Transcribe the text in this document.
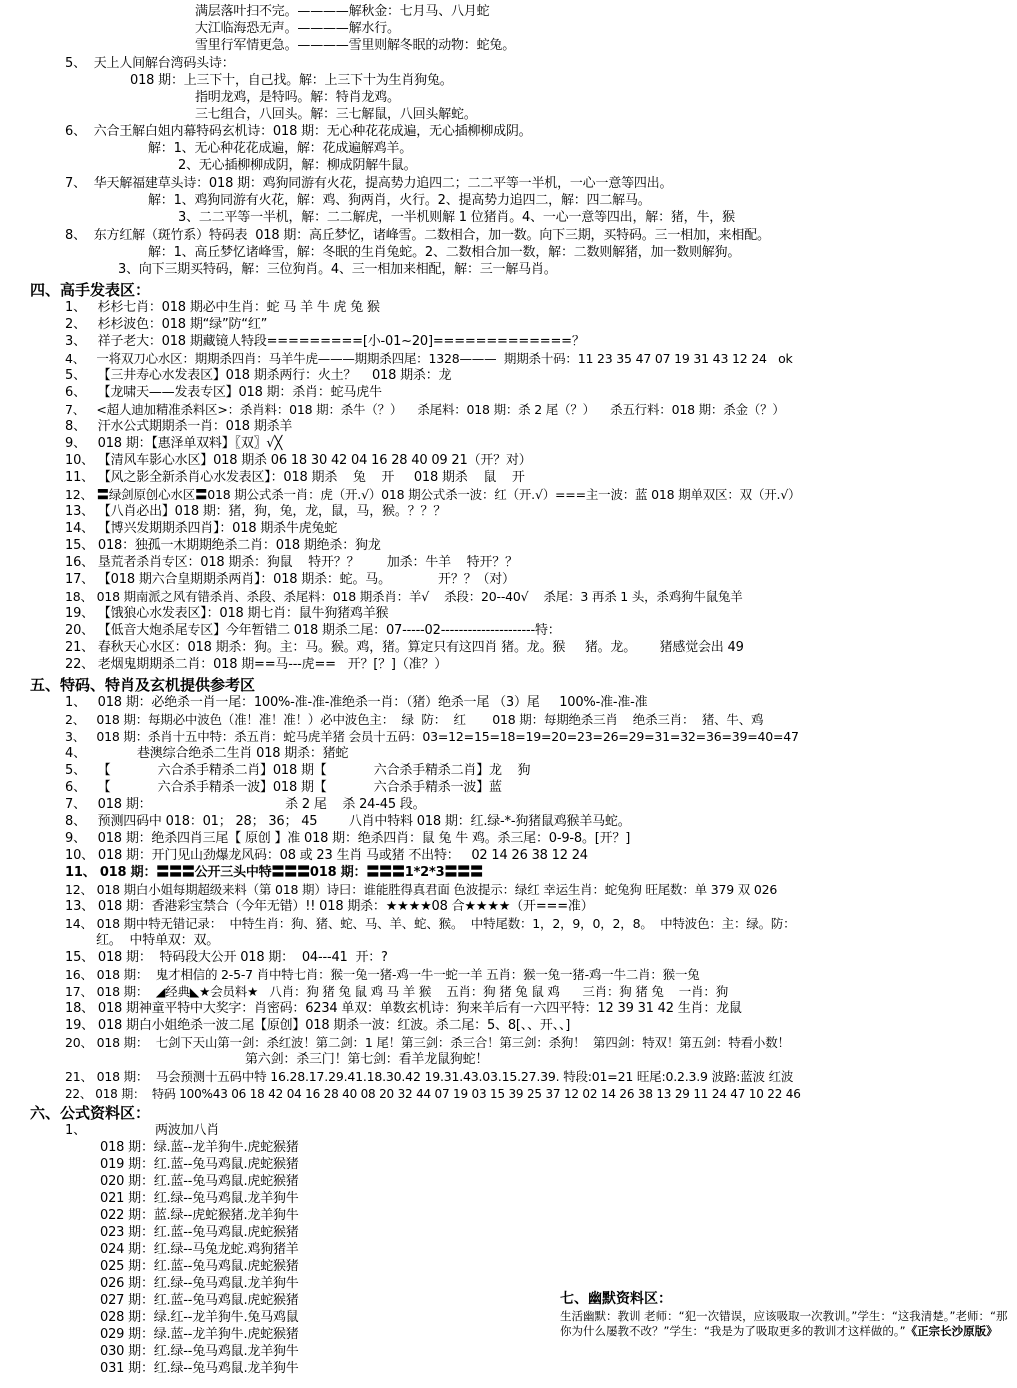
满层落叶扫不完。————解秋金：七月马、八月蛇
大江临海恐无声。————解水行。
雪里行军情更急。————雪里则解冬眠的动物：蛇兔。
5、  天上人间解台湾码头诗：
018 期：上三下十，自己找。解：上三下十为生肖狗兔。
指明龙鸡，是特吗。解：特肖龙鸡。
三七组合，八回头。解：三七解鼠，八回头解蛇。
6、  六合王解白姐内幕特码玄机诗：018 期：无心种花花成遍，无心插柳柳成阴。
解：1、无心种花花成遍，解：花成遍解鸡羊。
2、无心插柳柳成阴，解：柳成阴解牛鼠。
7、  华天解福建草头诗：018 期：鸡狗同游有火花，提高势力追四二；二二平等一半机，一心一意等四出。
解：1、鸡狗同游有火花，解：鸡、狗两肖，火行。2、提高势力追四二，解：四二解马。
3、二二平等一半机，解：二二解虎，一半机则解 1 位猪肖。4、一心一意等四出，解：猪，牛，猴
8、  东方红解（斑竹系）特码表  018 期：高丘梦忆，诸峰雪。二数相合，加一数。向下三期，买特码。三一相加，来相配。
解：1、高丘梦忆诸峰雪，解：冬眠的生肖兔蛇。2、二数相合加一数，解：二数则解猪，加一数则解狗。
3、向下三期买特码，解：三位狗肖。4、三一相加来相配，解：三一解马肖。
四、高手发表区：
1、   杉杉七肖：018 期必中生肖：蛇 马 羊 牛 虎 兔 猴
2、   杉杉波色：018 期“绿”防“红”
3、   祥子老大：018 期藏镜人特段=========[小-01~20]=============？
4、   一将双刀心水区：期期杀四肖：马羊牛虎———期期杀四尾：1328———  期期杀十码：11 23 35 47 07 19 31 43 12 24   ok
5、   【三井寿心水发表区】018 期杀两行：火土？    018 期杀：龙
6、   【龙啸天——发表专区】018 期：杀肖：蛇马虎牛
7、   <超人迪加精准杀料区>：杀肖料：018 期：杀牛（？）    杀尾料：018 期：杀 2 尾（？）    杀五行料：018 期：杀金（？）
8、   汗水公式期期杀一肖：018 期杀羊
9、   018 期：【惠泽单双料】〖双〗√╳
10、 【清风车影心水区】018 期杀 06 18 30 42 04 16 28 40 09 21（开？对）
11、 【风之影全新杀肖心水发表区】：018 期杀    兔    开     018 期杀    鼠    开
12、 〓绿剑原创心水区〓018 期公式杀一肖：虎（开.√）018 期公式杀一波：红（开.√）===主一波：蓝 018 期单双区：双（开.√）
13、 【八肖必出】018 期：猪，狗，兔，龙，鼠，马，猴。？？？
14、 【博兴发期期杀四肖】：018 期杀牛虎兔蛇
15、 018：独孤一木期期绝杀二肖：018 期绝杀：狗龙
16、 垦荒者杀肖专区：018 期杀：狗鼠    特开？？       加杀：牛羊    特开？？
17、 【018 期六合皇期期杀两肖】：018 期杀：蛇。马。            开？？（对）
18、 018 期南派之风有错杀肖、杀段、杀尾料：018 期杀肖：羊√    杀段：20--40√    杀尾：3 再杀 1 头，杀鸡狗牛鼠兔羊
19、 【饿狼心水发表区】：018 期七肖：鼠牛狗猪鸡羊猴
20、 【低音大炮杀尾专区】今年暂错二 018 期杀二尾：07-----02---------------------特：
21、 春秋天心水区：018 期杀：狗。主：马。猴。鸡，猪。算定只有这四肖 猪。龙。猴     猪。龙。      猪感觉会出 49
22、 老烟鬼期期杀二肖：018 期==马---虎==   开？[？]（准？）
五、特码、特肖及玄机提供参考区
1、   018 期：必绝杀一肖一尾：100%-准-准-准绝杀一肖：（猪）绝杀一尾 （3）尾     100%-准-准-准
2、   018 期：每期必中波色（准！准！准！）必中波色主：  绿  防：  红       018 期：每期绝杀三肖    绝杀三肖：  猪、牛、鸡
3、   018 期：杀肖十五中特：杀五肖：蛇马虎羊猪 会员十五码：03=12=15=18=19=20=23=26=29=31=32=36=39=40=47
4、             巷澳综合绝杀二生肖 018 期杀：猪蛇
5、   【            六合杀手精杀二肖】018 期【            六合杀手精杀二肖】龙    狗
6、   【            六合杀手精杀一波】018 期【            六合杀手精杀一波】蓝
7、   018 期：                                  杀 2 尾    杀 24-45 段。
8、   预测四码中 018：01； 28； 36； 45        八肖中特料 018 期：红.绿-*-狗猪鼠鸡猴羊马蛇。
9、   018 期：绝杀四肖三尾【 原创 】准 018 期：绝杀四肖：鼠 兔 牛 鸡。杀三尾：0-9-8。[开？]
10、 018 期：开门见山劲爆龙风码：08 或 23 生肖 马或猪 不出特：   02 14 26 38 12 24
11、 018 期：〓〓〓公开三头中特〓〓〓018 期：〓〓〓1*2*3〓〓〓
12、 018 期白小姐每期超级来料（第 018 期）诗曰：谁能胜得真君面 色波提示：绿红 幸运生肖：蛇兔狗 旺尾数：单 379 双 026
13、 018 期：香港彩宝禁合（今年无错）!! 018 期杀：★★★★08 合★★★★（开===准）
14、 018 期中特无错记录：  中特生肖：狗、猪、蛇、马、羊、蛇、猴。  中特尾数：1，2，9，0，2，8。  中特波色：主：绿。防：
红。  中特单双：双。
15、 018 期：  特码段大公开 018 期：  04---41  开：?
16、 018 期：  鬼才相信的 2-5-7 肖中特七肖：猴一兔一猪-鸡一牛一蛇一羊 五肖：猴一兔一猪-鸡一牛二肖：猴一兔
17、 018 期：  ◢经典◣★会员料★   八肖：狗 猪 兔 鼠 鸡 马 羊 猴    五肖：狗 猪 兔 鼠 鸡      三肖：狗 猪 兔    一肖：狗
18、 018 期神童平特中大奖字：肖密码：6234 单双：单数玄机诗：狗来羊后有一六四平特：12 39 31 42 生肖：龙鼠
19、 018 期白小姐绝杀一波二尾【原创】018 期杀一波：红波。杀二尾：5、8[、、开、、]
20、 018 期：  七剑下天山第一剑：杀红波！第二剑：1 尾！第三剑：杀三合！第三剑：杀狗！  第四剑：特双！第五剑：特看小数！
第六剑：杀三门！第七剑：看羊龙鼠狗蛇！
21、 018 期：  马会预测十五码中特 16.28.17.29.41.18.30.42 19.31.43.03.15.27.39. 特段:01=21 旺尾:0.2.3.9 波路:蓝波 红波
22、 018 期：  特码 100%43 06 18 42 04 16 28 40 08 20 32 44 07 19 03 15 39 25 37 12 02 14 26 38 13 29 11 24 47 10 22 46
六、公式资料区：
1、	两波加八肖
018 期：绿.蓝--龙羊狗牛.虎蛇猴猪
019 期：红.蓝--兔马鸡鼠.虎蛇猴猪
020 期：红.蓝--兔马鸡鼠.虎蛇猴猪
021 期：红.绿--兔马鸡鼠.龙羊狗牛
022 期：蓝.绿--虎蛇猴猪.龙羊狗牛
023 期：红.蓝--兔马鸡鼠.虎蛇猴猪
024 期：红.绿--马兔龙蛇.鸡狗猪羊
025 期：红.蓝--兔马鸡鼠.虎蛇猴猪
026 期：红.绿--兔马鸡鼠.龙羊狗牛
027 期：红.蓝--兔马鸡鼠.虎蛇猴猪
028 期：绿.红--龙羊狗牛.兔马鸡鼠
029 期：绿.蓝--龙羊狗牛.虎蛇猴猪
030 期：红.绿--兔马鸡鼠.龙羊狗牛
031 期：红.绿--兔马鸡鼠.龙羊狗牛
七、幽默资料区：
生活幽默：教训 老师：“犯一次错误，应该吸取一次教训。”学生：“这我清楚。”老师：“那你为什么屡教不改？”学生：“我是为了吸取更多的教训才这样做的。”《正宗长沙原版》
